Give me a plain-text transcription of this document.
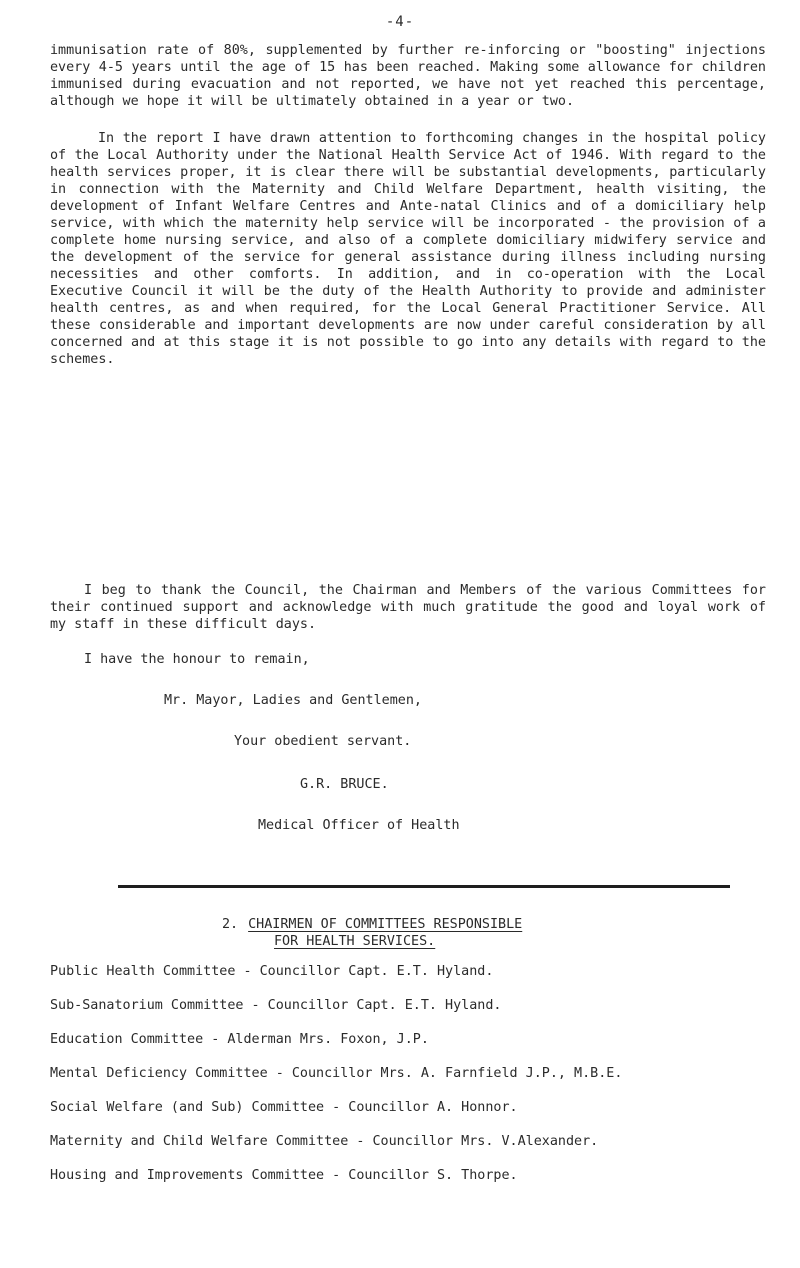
-4-

immunisation rate of 80%, supplemented by further re-inforcing or "boosting" injections every 4-5 years until the age of 15 has been reached. Making some allowance for children immunised during evacuation and not reported, we have not yet reached this percentage, although we hope it will be ultimately obtained in a year or two.

In the report I have drawn attention to forthcoming changes in the hospital policy of the Local Authority under the National Health Service Act of 1946. With regard to the health services proper, it is clear there will be substantial developments, particularly in connection with the Maternity and Child Welfare Department, health visiting, the development of Infant Welfare Centres and Ante-natal Clinics and of a domiciliary help service, with which the maternity help service will be incorporated - the provision of a complete home nursing service, and also of a complete domiciliary midwifery service and the development of the service for general assistance during illness including nursing necessities and other comforts. In addition, and in co-operation with the Local Executive Council it will be the duty of the Health Authority to provide and administer health centres, as and when required, for the Local General Practitioner Service. All these considerable and important developments are now under careful consideration by all concerned and at this stage it is not possible to go into any details with regard to the schemes.

I beg to thank the Council, the Chairman and Members of the various Committees for their continued support and acknowledge with much gratitude the good and loyal work of my staff in these difficult days.

I have the honour to remain,

Mr. Mayor, Ladies and Gentlemen,

Your obedient servant.

G.R. BRUCE.

Medical Officer of Health

2. CHAIRMEN OF COMMITTEES RESPONSIBLE
FOR HEALTH SERVICES.
Public Health Committee - Councillor Capt. E.T. Hyland.
Sub-Sanatorium Committee - Councillor Capt. E.T. Hyland.
Education Committee - Alderman Mrs. Foxon, J.P.
Mental Deficiency Committee - Councillor Mrs. A. Farnfield J.P., M.B.E.
Social Welfare (and Sub) Committee - Councillor A. Honnor.
Maternity and Child Welfare Committee - Councillor Mrs. V.Alexander.
Housing and Improvements Committee - Councillor S. Thorpe.
